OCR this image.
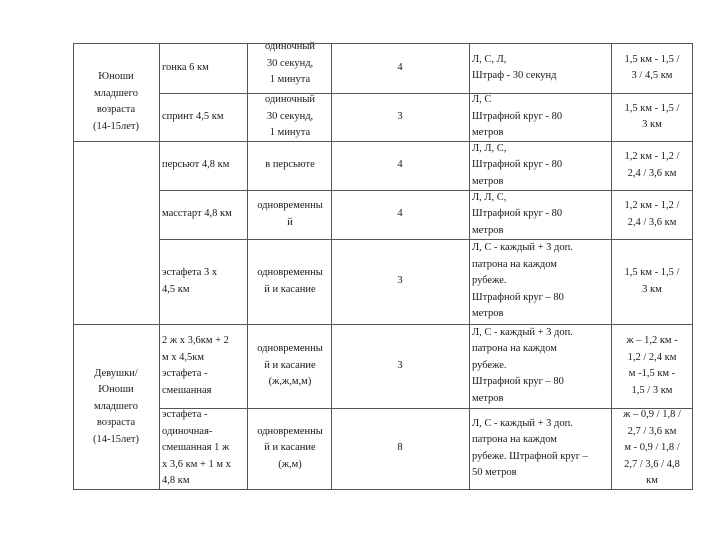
Юноши
младшего
возраста
(14-15лет)
Девушки/
Юноши
младшего
возраста
(14-15лет)
гонка 6 км
одиночный
30 секунд,
1 минута
4
Л, С, Л,
Штраф - 30 секунд
1,5 км - 1,5 /
3 / 4,5 км
спринт 4,5 км
одиночный
30 секунд,
1 минута
3
Л, С
Штрафной круг - 80
метров
1,5 км - 1,5 /
3 км
персьют 4,8 км	в персьюте	4
Л, Л, С,
Штрафной круг - 80
метров
1,2 км - 1,2 /
2,4 / 3,6 км
масстарт 4,8 км
одновременны
й
4
Л, Л, С,
Штрафной круг - 80
метров
1,2 км - 1,2 /
2,4 / 3,6 км
эстафета 3 х
4,5 км
одновременны
й и касание
3
Л, С - каждый + 3 доп.
патрона на каждом
рубеже.
Штрафной круг – 80
метров
1,5 км - 1,5 /
3 км
2 ж х 3,6км + 2
м х 4,5км
эстафета -
смешанная
одновременны
й и касание
(ж,ж,м,м)
3
Л, С - каждый + 3 доп.
патрона на каждом
рубеже.
Штрафной круг – 80
метров
ж – 1,2 км -
1,2 / 2,4 км
м -1,5 км -
1,5 / 3 км
эстафета -
одиночная-
смешанная 1 ж
х 3,6 км + 1 м х
4,8 км
одновременны
й и касание
(ж,м)
8
Л, С - каждый + 3 доп.
патрона на каждом
рубеже. Штрафной круг –
50 метров
ж – 0,9 / 1,8 /
2,7 / 3,6 км
м - 0,9 / 1,8 /
2,7 / 3,6 / 4,8
км
